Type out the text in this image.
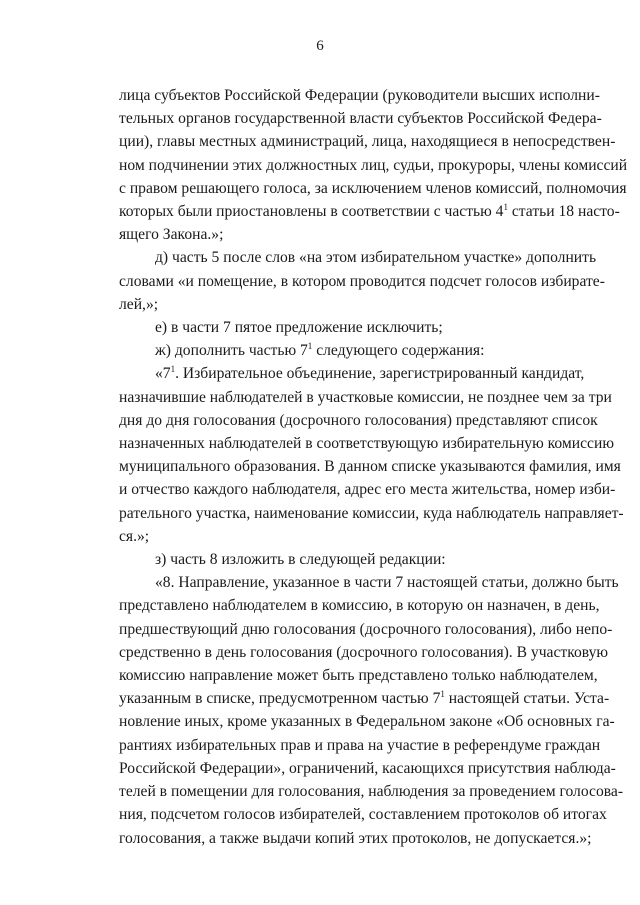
6
лица субъектов Российской Федерации (руководители высших исполни-
тельных органов государственной власти субъектов Российской Федера-
ции), главы местных администраций, лица, находящиеся в непосредствен-
ном подчинении этих должностных лиц, судьи, прокуроры, члены комиссий
с правом решающего голоса, за исключением членов комиссий, полномочия
которых были приостановлены в соответствии с частью $4^1$ статьи 18 насто-
ящего Закона.»;
д) часть 5 после слов «на этом избирательном участке» дополнить
словами «и помещение, в котором проводится подсчет голосов избирате-
лей,»;
е) в части 7 пятое предложение исключить;
ж) дополнить частью $7^1$ следующего содержания:
«$7^1$. Избирательное объединение, зарегистрированный кандидат,
назначившие наблюдателей в участковые комиссии, не позднее чем за три
дня до дня голосования (досрочного голосования) представляют список
назначенных наблюдателей в соответствующую избирательную комиссию
муниципального образования. В данном списке указываются фамилия, имя
и отчество каждого наблюдателя, адрес его места жительства, номер изби-
рательного участка, наименование комиссии, куда наблюдатель направляет-
ся.»;
з) часть 8 изложить в следующей редакции:
«8. Направление, указанное в части 7 настоящей статьи, должно быть
представлено наблюдателем в комиссию, в которую он назначен, в день,
предшествующий дню голосования (досрочного голосования), либо непо-
средственно в день голосования (досрочного голосования). В участковую
комиссию направление может быть представлено только наблюдателем,
указанным в списке, предусмотренном частью $7^1$ настоящей статьи. Уста-
новление иных, кроме указанных в Федеральном законе «Об основных га-
рантиях избирательных прав и права на участие в референдуме граждан
Российской Федерации», ограничений, касающихся присутствия наблюда-
телей в помещении для голосования, наблюдения за проведением голосова-
ния, подсчетом голосов избирателей, составлением протоколов об итогах
голосования, а также выдачи копий этих протоколов, не допускается.»;
